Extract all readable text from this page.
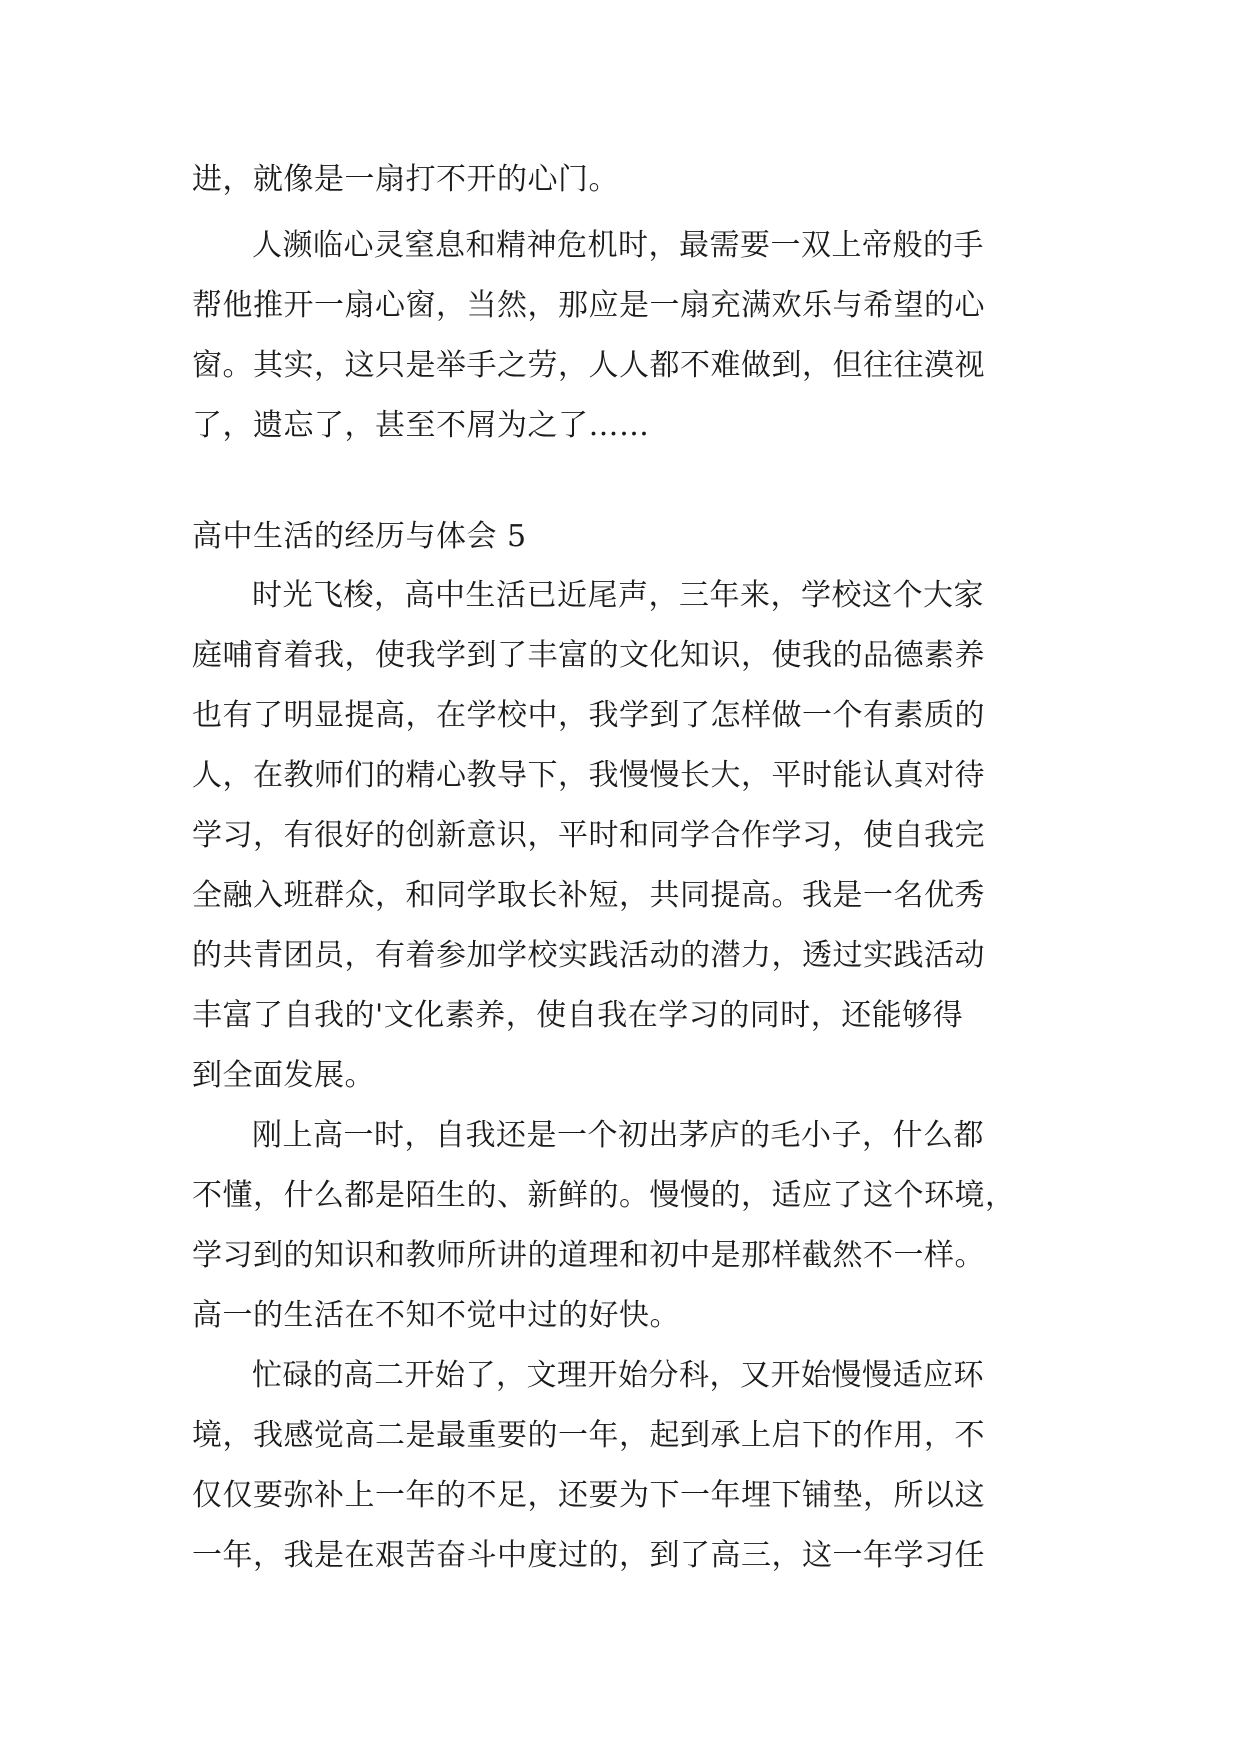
进，就像是一扇打不开的心门。
人濒临心灵窒息和精神危机时，最需要一双上帝般的手
帮他推开一扇心窗，当然，那应是一扇充满欢乐与希望的心
窗。其实，这只是举手之劳，人人都不难做到，但往往漠视
了，遗忘了，甚至不屑为之了……
高中生活的经历与体会 5
时光飞梭，高中生活已近尾声，三年来，学校这个大家
庭哺育着我，使我学到了丰富的文化知识，使我的品德素养
也有了明显提高，在学校中，我学到了怎样做一个有素质的
人，在教师们的精心教导下，我慢慢长大，平时能认真对待
学习，有很好的创新意识，平时和同学合作学习，使自我完
全融入班群众，和同学取长补短，共同提高。我是一名优秀
的共青团员，有着参加学校实践活动的潜力，透过实践活动
丰富了自我的'文化素养，使自我在学习的同时，还能够得
到全面发展。
刚上高一时，自我还是一个初出茅庐的毛小子，什么都
不懂，什么都是陌生的、新鲜的。慢慢的，适应了这个环境，
学习到的知识和教师所讲的道理和初中是那样截然不一样。
高一的生活在不知不觉中过的好快。
忙碌的高二开始了，文理开始分科，又开始慢慢适应环
境，我感觉高二是最重要的一年，起到承上启下的作用，不
仅仅要弥补上一年的不足，还要为下一年埋下铺垫，所以这
一年，我是在艰苦奋斗中度过的，到了高三，这一年学习任
